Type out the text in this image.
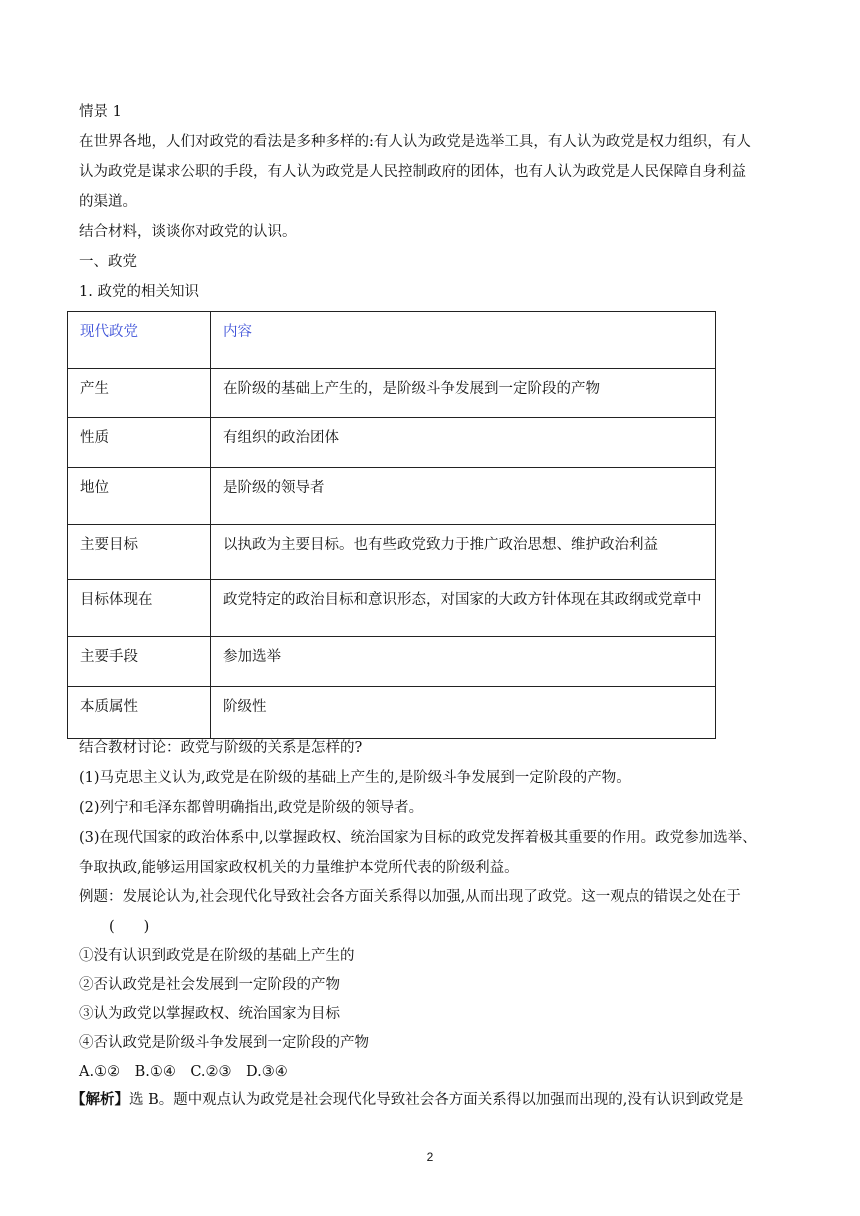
情景 1
在世界各地，人们对政党的看法是多种多样的:有人认为政党是选举工具，有人认为政党是权力组织，有人
认为政党是谋求公职的手段，有人认为政党是人民控制政府的团体，也有人认为政党是人民保障自身利益
的渠道。
结合材料，谈谈你对政党的认识。
一、政党
1. 政党的相关知识
现代政党	内容
产生	在阶级的基础上产生的，是阶级斗争发展到一定阶段的产物
性质	有组织的政治团体
地位	是阶级的领导者
主要目标	以执政为主要目标。也有些政党致力于推广政治思想、维护政治利益
目标体现在	政党特定的政治目标和意识形态，对国家的大政方针体现在其政纲或党章中
主要手段	参加选举
本质属性	阶级性
结合教材讨论：政党与阶级的关系是怎样的?
(1)马克思主义认为,政党是在阶级的基础上产生的,是阶级斗争发展到一定阶段的产物。
(2)列宁和毛泽东都曾明确指出,政党是阶级的领导者。
(3)在现代国家的政治体系中,以掌握政权、统治国家为目标的政党发挥着极其重要的作用。政党参加选举、
争取执政,能够运用国家政权机关的力量维护本党所代表的阶级利益。
例题：发展论认为,社会现代化导致社会各方面关系得以加强,从而出现了政党。这一观点的错误之处在于
(　　)
①没有认识到政党是在阶级的基础上产生的
②否认政党是社会发展到一定阶段的产物
③认为政党以掌握政权、统治国家为目标
④否认政党是阶级斗争发展到一定阶段的产物
A.①②　B.①④　C.②③　D.③④
【解析】选 B。题中观点认为政党是社会现代化导致社会各方面关系得以加强而出现的,没有认识到政党是
2
